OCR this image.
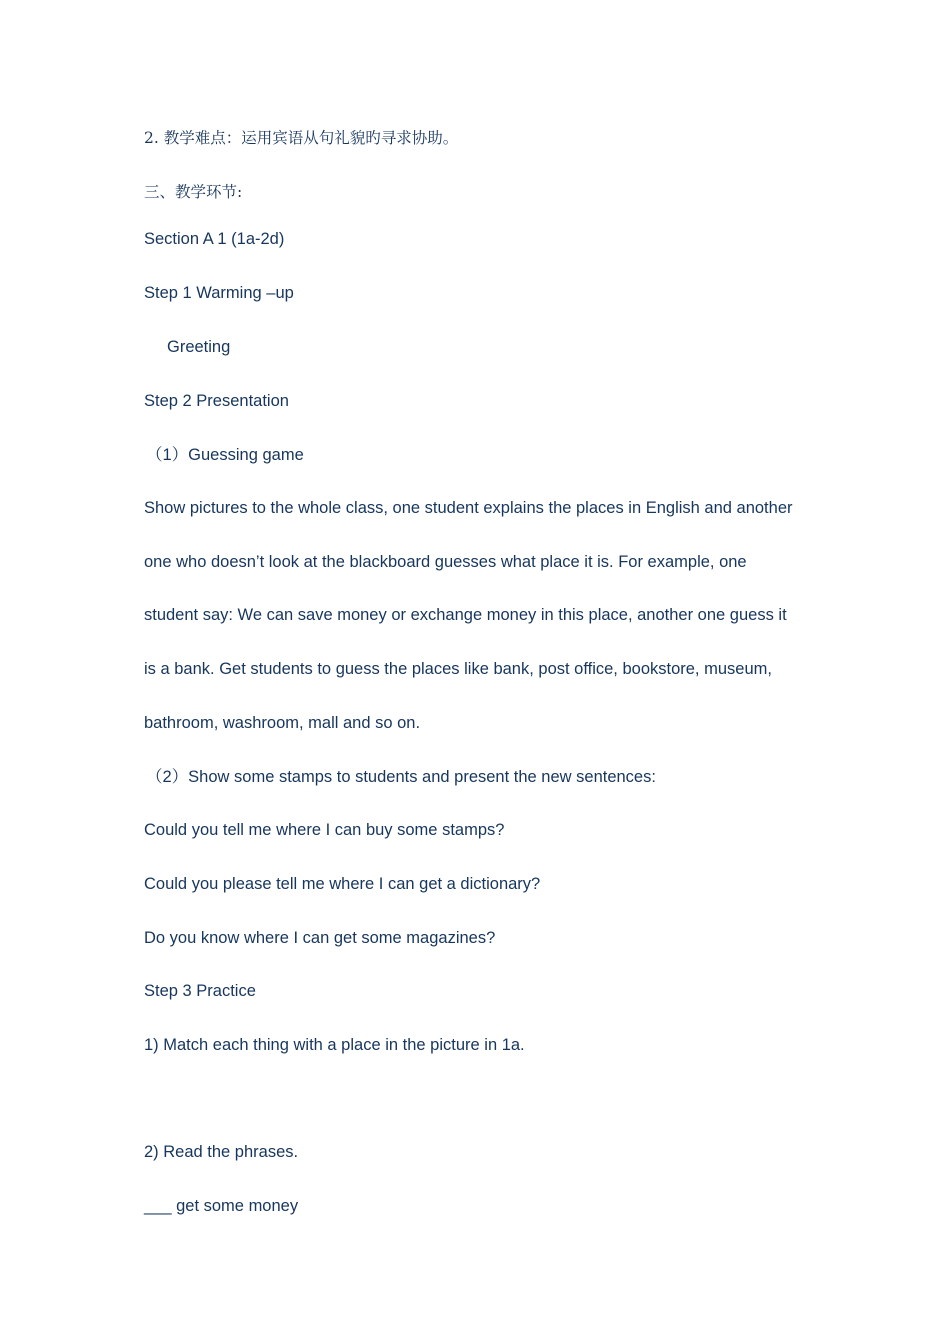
2. 教学难点：运用宾语从句礼貌旳寻求协助。
三、教学环节:
Section A 1 (1a-2d)
Step 1 Warming –up
Greeting
Step 2 Presentation
（1）Guessing game
Show pictures to the whole class, one student explains the places in English and another
one who doesn’t look at the blackboard guesses what place it is. For example, one
student say: We can save money or exchange money in this place, another one guess it
is a bank. Get students to guess the places like bank, post office, bookstore, museum,
bathroom, washroom, mall and so on.
（2）Show some stamps to students and present the new sentences:
Could you tell me where I can buy some stamps?
Could you please tell me where I can get a dictionary?
Do you know where I can get some magazines?
Step 3 Practice
1) Match each thing with a place in the picture in 1a.
2) Read the phrases.
___ get some money
